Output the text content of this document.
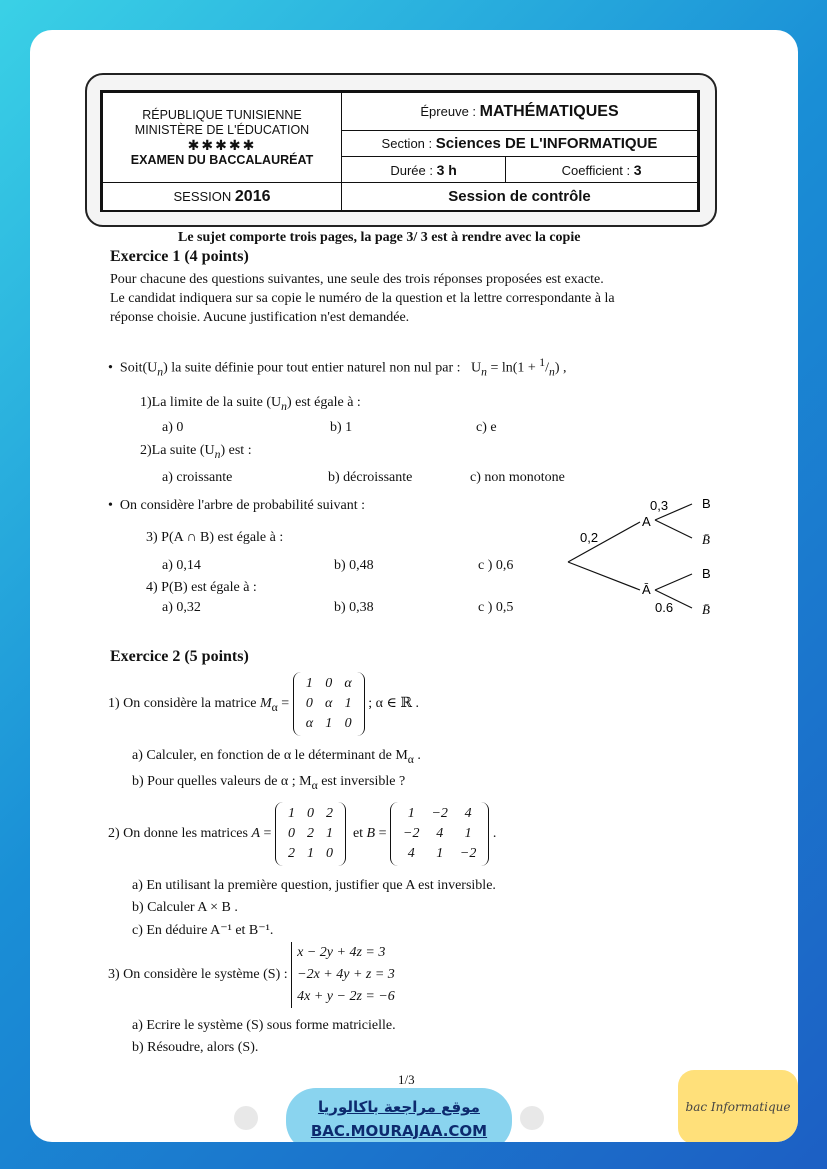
RÉPUBLIQUE TUNISIENNE
MINISTÈRE DE L'ÉDUCATION
✱✱✱✱✱
EXAMEN DU BACCALAURÉAT	Épreuve : MATHÉMATIQUES	
	Section : Sciences DE L'INFORMATIQUE	
	Durée : 3 h	Coefficient : 3
SESSION 2016	Session de contrôle	
Le sujet comporte trois pages, la page 3/ 3 est à rendre avec la copie
Exercice 1 (4 points)
Pour chacune des questions suivantes, une seule des trois réponses proposées est exacte.
Le candidat indiquera sur sa copie le numéro de la question et la lettre correspondante à la
réponse choisie. Aucune justification n'est demandée.
•  $Soit(U_n)$ la suite définie pour tout entier naturel non nul par :   $U_n = \ln(1 + ^1/_n)$ ,
1)La limite de la suite $(U_n)$ est égale à :
a) 0	b) 1	c) e
2)La suite $(U_n)$ est :
a) croissante	b) décroissante	c) non monotone
•  On considère l'arbre de probabilité suivant :
3) P(A ∩ B) est égale à :
a) 0,14	b) 0,48	c ) 0,6
4) P(B) est égale à :
a) 0,32	b) 0,38	c ) 0,5
0,2
0,3
0.6
A
Ā
B
B̄
B
B̄
Exercice 2 (5 points)
1) On considère la matrice $M_\alpha$ =
1	0	α
0	α	1
α	1	0
; α ∈ ℝ .
a) Calculer, en fonction de α le déterminant de $M_\alpha$ .
b) Pour quelles valeurs de α ; $M_\alpha$ est inversible ?
2) On donne les matrices A =
1	0	2
0	2	1
2	1	0
et B =
1	−2	4
−2	4	1
4	1	−2
.
a) En utilisant la première question, justifier que A est inversible.
b) Calculer A × B .
c) En déduire A⁻¹ et B⁻¹.
3) On considère le système (S) :
x − 2y + 4z = 3
−2x + 4y + z = 3
4x + y − 2z = −6
a) Ecrire le système (S) sous forme matricielle.
b) Résoudre, alors (S).
1/3
موقع مراجعة باكالوريا
BAC.MOURAJAA.COM
bac Informatique
